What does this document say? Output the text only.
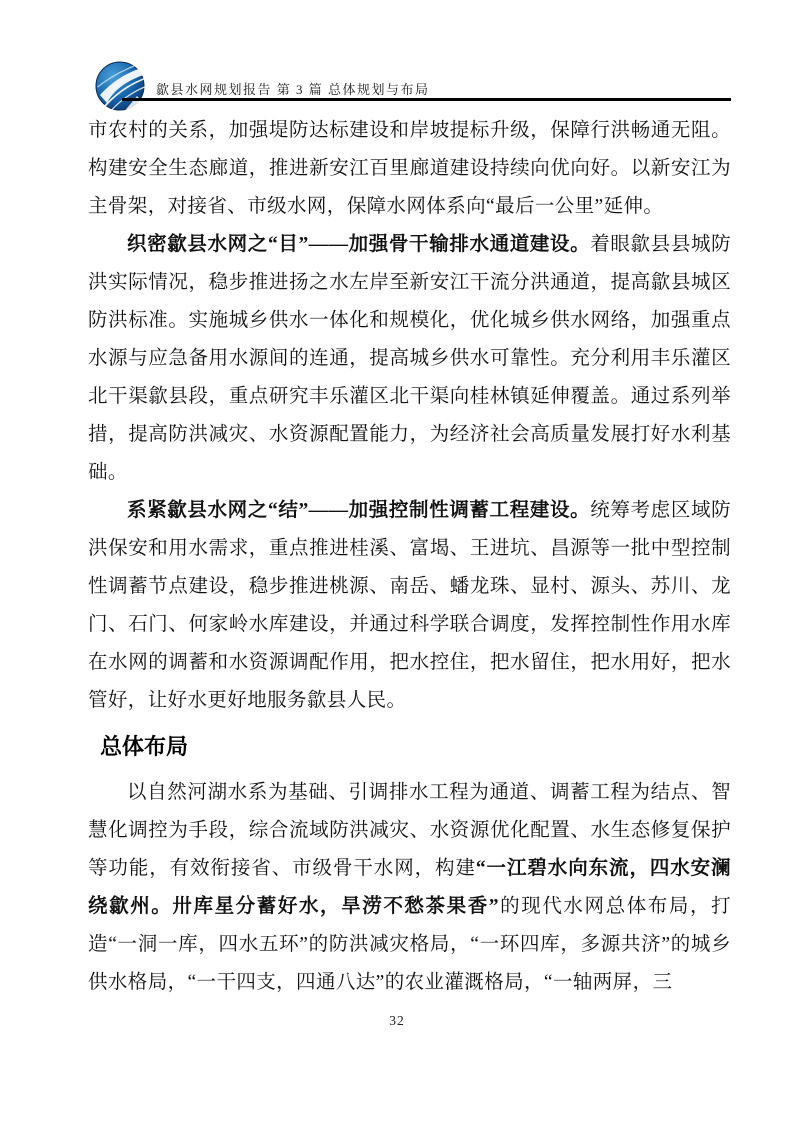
歙县水网规划报告 第 3 篇 总体规划与布局

市农村的关系，加强堤防达标建设和岸坡提标升级，保障行洪畅通无阻。构建安全生态廊道，推进新安江百里廊道建设持续向优向好。以新安江为主骨架，对接省、市级水网，保障水网体系向“最后一公里”延伸。

织密歙县水网之“目”——加强骨干输排水通道建设。着眼歙县县城防洪实际情况，稳步推进扬之水左岸至新安江干流分洪通道，提高歙县城区防洪标准。实施城乡供水一体化和规模化，优化城乡供水网络，加强重点水源与应急备用水源间的连通，提高城乡供水可靠性。充分利用丰乐灌区北干渠歙县段，重点研究丰乐灌区北干渠向桂林镇延伸覆盖。通过系列举措，提高防洪减灾、水资源配置能力，为经济社会高质量发展打好水利基础。

系紧歙县水网之“结”——加强控制性调蓄工程建设。统筹考虑区域防洪保安和用水需求，重点推进桂溪、富堨、王进坑、昌源等一批中型控制性调蓄节点建设，稳步推进桃源、南岳、蟠龙珠、显村、源头、苏川、龙门、石门、何家岭水库建设，并通过科学联合调度，发挥控制性作用水库在水网的调蓄和水资源调配作用，把水控住，把水留住，把水用好，把水管好，让好水更好地服务歙县人民。

总体布局

以自然河湖水系为基础、引调排水工程为通道、调蓄工程为结点、智慧化调控为手段，综合流域防洪减灾、水资源优化配置、水生态修复保护等功能，有效衔接省、市级骨干水网，构建“一江碧水向东流，四水安澜绕歙州。卅库星分蓄好水，旱涝不愁茶果香”的现代水网总体布局，打造“一洞一库，四水五环”的防洪减灾格局，“一环四库，多源共济”的城乡供水格局，“一干四支，四通八达”的农业灌溉格局，“一轴两屏，三

32
